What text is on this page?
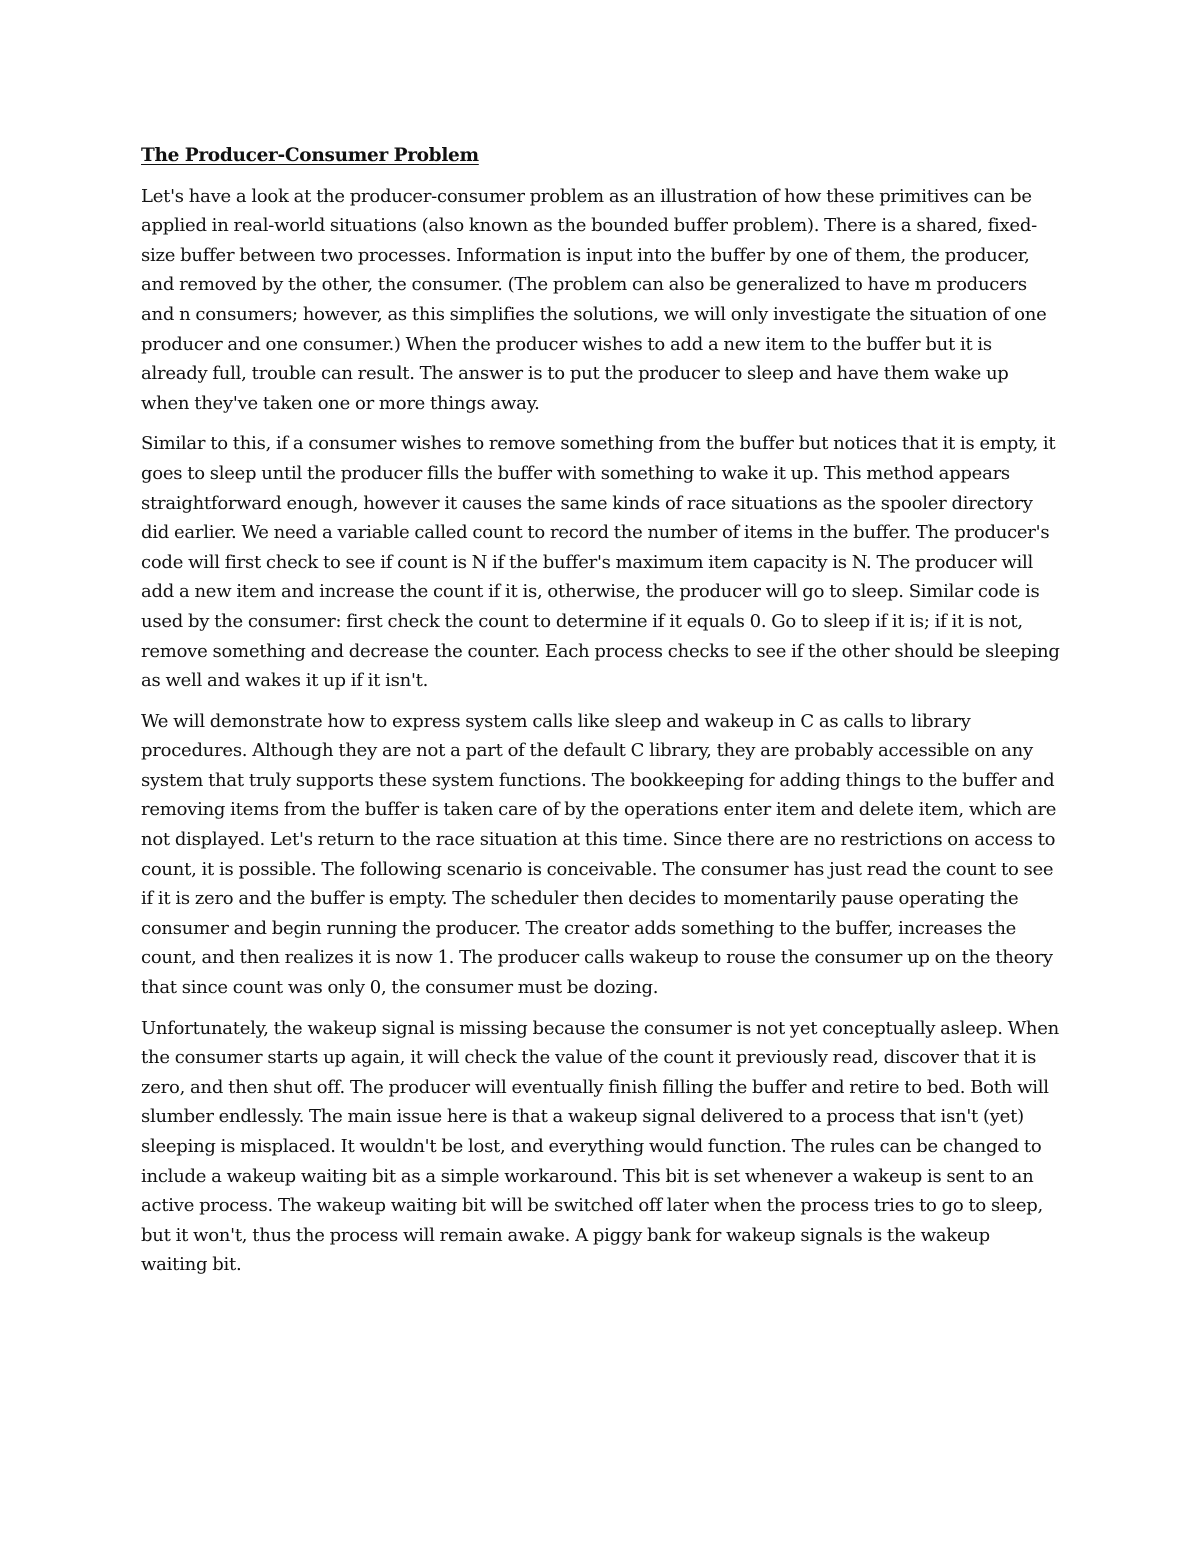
The Producer-Consumer Problem

Let's have a look at the producer-consumer problem as an illustration of how these primitives can be applied in real-world situations (also known as the bounded buffer problem). There is a shared, fixed-size buffer between two processes. Information is input into the buffer by one of them, the producer, and removed by the other, the consumer. (The problem can also be generalized to have m producers and n consumers; however, as this simplifies the solutions, we will only investigate the situation of one producer and one consumer.) When the producer wishes to add a new item to the buffer but it is already full, trouble can result. The answer is to put the producer to sleep and have them wake up when they've taken one or more things away.

Similar to this, if a consumer wishes to remove something from the buffer but notices that it is empty, it goes to sleep until the producer fills the buffer with something to wake it up. This method appears straightforward enough, however it causes the same kinds of race situations as the spooler directory did earlier. We need a variable called count to record the number of items in the buffer. The producer's code will first check to see if count is N if the buffer's maximum item capacity is N. The producer will add a new item and increase the count if it is, otherwise, the producer will go to sleep. Similar code is used by the consumer: first check the count to determine if it equals 0. Go to sleep if it is; if it is not, remove something and decrease the counter. Each process checks to see if the other should be sleeping as well and wakes it up if it isn't.

We will demonstrate how to express system calls like sleep and wakeup in C as calls to library procedures. Although they are not a part of the default C library, they are probably accessible on any system that truly supports these system functions. The bookkeeping for adding things to the buffer and removing items from the buffer is taken care of by the operations enter item and delete item, which are not displayed. Let's return to the race situation at this time. Since there are no restrictions on access to count, it is possible. The following scenario is conceivable. The consumer has just read the count to see if it is zero and the buffer is empty. The scheduler then decides to momentarily pause operating the consumer and begin running the producer. The creator adds something to the buffer, increases the count, and then realizes it is now 1. The producer calls wakeup to rouse the consumer up on the theory that since count was only 0, the consumer must be dozing.

Unfortunately, the wakeup signal is missing because the consumer is not yet conceptually asleep. When the consumer starts up again, it will check the value of the count it previously read, discover that it is zero, and then shut off. The producer will eventually finish filling the buffer and retire to bed. Both will slumber endlessly. The main issue here is that a wakeup signal delivered to a process that isn't (yet) sleeping is misplaced. It wouldn't be lost, and everything would function. The rules can be changed to include a wakeup waiting bit as a simple workaround. This bit is set whenever a wakeup is sent to an active process. The wakeup waiting bit will be switched off later when the process tries to go to sleep, but it won't, thus the process will remain awake. A piggy bank for wakeup signals is the wakeup waiting bit.
